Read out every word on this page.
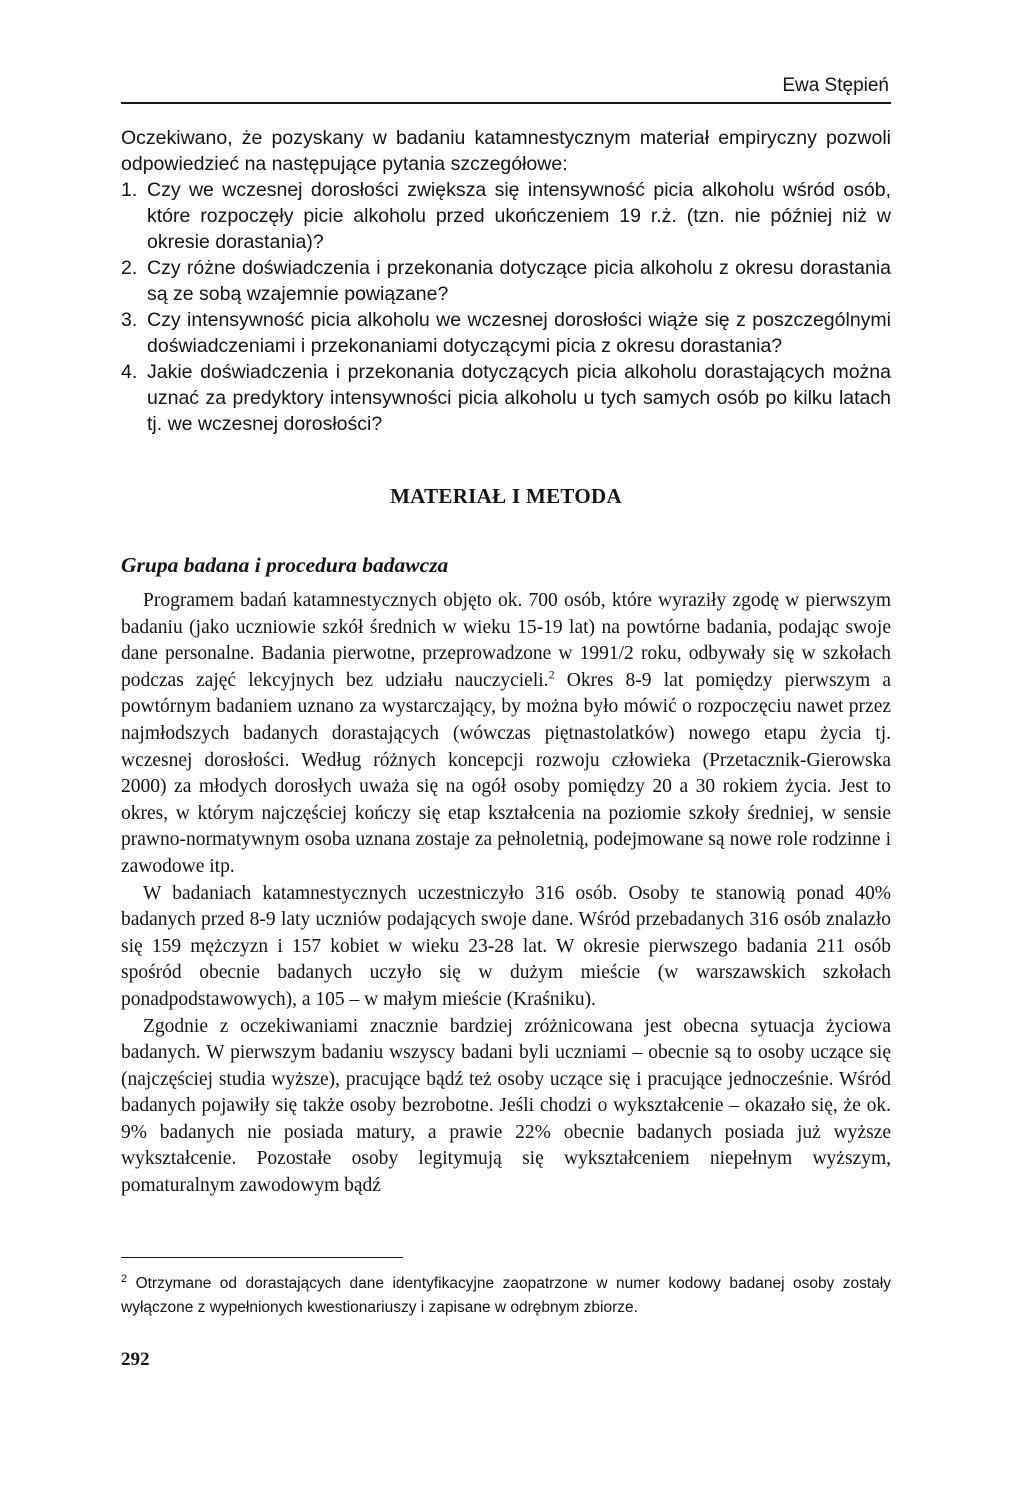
Ewa Stępień

Oczekiwano, że pozyskany w badaniu katamnestycznym materiał empiryczny pozwoli odpowiedzieć na następujące pytania szczegółowe:

1. Czy we wczesnej dorosłości zwiększa się intensywność picia alkoholu wśród osób, które rozpoczęły picie alkoholu przed ukończeniem 19 r.ż. (tzn. nie później niż w okresie dorastania)?
2. Czy różne doświadczenia i przekonania dotyczące picia alkoholu z okresu dorastania są ze sobą wzajemnie powiązane?
3. Czy intensywność picia alkoholu we wczesnej dorosłości wiąże się z poszczególnymi doświadczeniami i przekonaniami dotyczącymi picia z okresu dorastania?
4. Jakie doświadczenia i przekonania dotyczących picia alkoholu dorastających można uznać za predyktory intensywności picia alkoholu u tych samych osób po kilku latach tj. we wczesnej dorosłości?
MATERIAŁ I METODA
Grupa badana i procedura badawcza

Programem badań katamnestycznych objęto ok. 700 osób, które wyraziły zgodę w pierwszym badaniu (jako uczniowie szkół średnich w wieku 15-19 lat) na powtórne badania, podając swoje dane personalne. Badania pierwotne, przeprowadzone w 1991/2 roku, odbywały się w szkołach podczas zajęć lekcyjnych bez udziału nauczycieli.$^2$ Okres 8-9 lat pomiędzy pierwszym a powtórnym badaniem uznano za wystarczający, by można było mówić o rozpoczęciu nawet przez najmłodszych badanych dorastających (wówczas piętnastolatków) nowego etapu życia tj. wczesnej dorosłości. Według różnych koncepcji rozwoju człowieka (Przetacznik-Gierowska 2000) za młodych dorosłych uważa się na ogół osoby pomiędzy 20 a 30 rokiem życia. Jest to okres, w którym najczęściej kończy się etap kształcenia na poziomie szkoły średniej, w sensie prawno-normatywnym osoba uznana zostaje za pełnoletnią, podejmowane są nowe role rodzinne i zawodowe itp.

W badaniach katamnestycznych uczestniczyło 316 osób. Osoby te stanowią ponad 40% badanych przed 8-9 laty uczniów podających swoje dane. Wśród przebadanych 316 osób znalazło się 159 mężczyzn i 157 kobiet w wieku 23-28 lat. W okresie pierwszego badania 211 osób spośród obecnie badanych uczyło się w dużym mieście (w warszawskich szkołach ponadpodstawowych), a 105 – w małym mieście (Kraśniku).

Zgodnie z oczekiwaniami znacznie bardziej zróżnicowana jest obecna sytuacja życiowa badanych. W pierwszym badaniu wszyscy badani byli uczniami – obecnie są to osoby uczące się (najczęściej studia wyższe), pracujące bądź też osoby uczące się i pracujące jednocześnie. Wśród badanych pojawiły się także osoby bezrobotne. Jeśli chodzi o wykształcenie – okazało się, że ok. 9% badanych nie posiada matury, a prawie 22% obecnie badanych posiada już wyższe wykształcenie. Pozostałe osoby legitymują się wykształceniem niepełnym wyższym, pomaturalnym zawodowym bądź

$^2$ Otrzymane od dorastających dane identyfikacyjne zaopatrzone w numer kodowy badanej osoby zostały wyłączone z wypełnionych kwestionariuszy i zapisane w odrębnym zbiorze.
292
